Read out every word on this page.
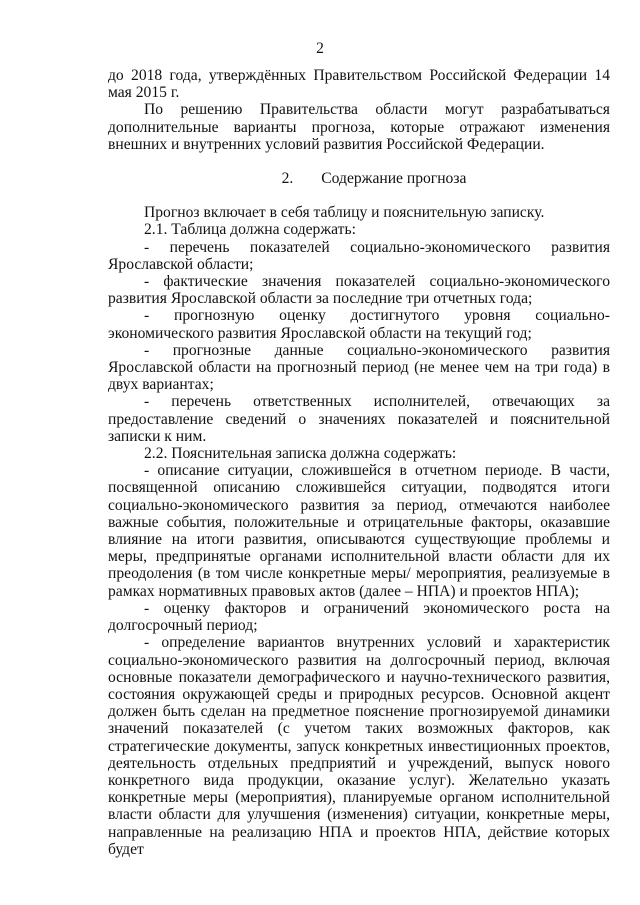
2

до 2018 года, утверждённых Правительством Российской Федерации 14 мая 2015 г.

По решению Правительства области могут разрабатываться дополнительные варианты прогноза, которые отражают изменения внешних и внутренних условий развития Российской Федерации.

2. Содержание прогноза

Прогноз включает в себя таблицу и пояснительную записку.

2.1. Таблица должна содержать:

- перечень показателей социально-экономического развития Ярославской области;

- фактические значения показателей социально-экономического развития Ярославской области за последние три отчетных года;

- прогнозную оценку достигнутого уровня социально-экономического развития Ярославской области на текущий год;

- прогнозные данные социально-экономического развития Ярославской области на прогнозный период (не менее чем на три года) в двух вариантах;

- перечень ответственных исполнителей, отвечающих за предоставление сведений о значениях показателей и пояснительной записки к ним.

2.2. Пояснительная записка должна содержать:

- описание ситуации, сложившейся в отчетном периоде. В части, посвященной описанию сложившейся ситуации, подводятся итоги социально-экономического развития за период, отмечаются наиболее важные события, положительные и отрицательные факторы, оказавшие влияние на итоги развития, описываются существующие проблемы и меры, предпринятые органами исполнительной власти области для их преодоления (в том числе конкретные меры/ мероприятия, реализуемые в рамках нормативных правовых актов (далее – НПА) и проектов НПА);

- оценку факторов и ограничений экономического роста на долгосрочный период;

- определение вариантов внутренних условий и характеристик социально-экономического развития на долгосрочный период, включая основные показатели демографического и научно-технического развития, состояния окружающей среды и природных ресурсов. Основной акцент должен быть сделан на предметное пояснение прогнозируемой динамики значений показателей (с учетом таких возможных факторов, как стратегические документы, запуск конкретных инвестиционных проектов, деятельность отдельных предприятий и учреждений, выпуск нового конкретного вида продукции, оказание услуг). Желательно указать конкретные меры (мероприятия), планируемые органом исполнительной власти области для улучшения (изменения) ситуации, конкретные меры, направленные на реализацию НПА и проектов НПА, действие которых будет
